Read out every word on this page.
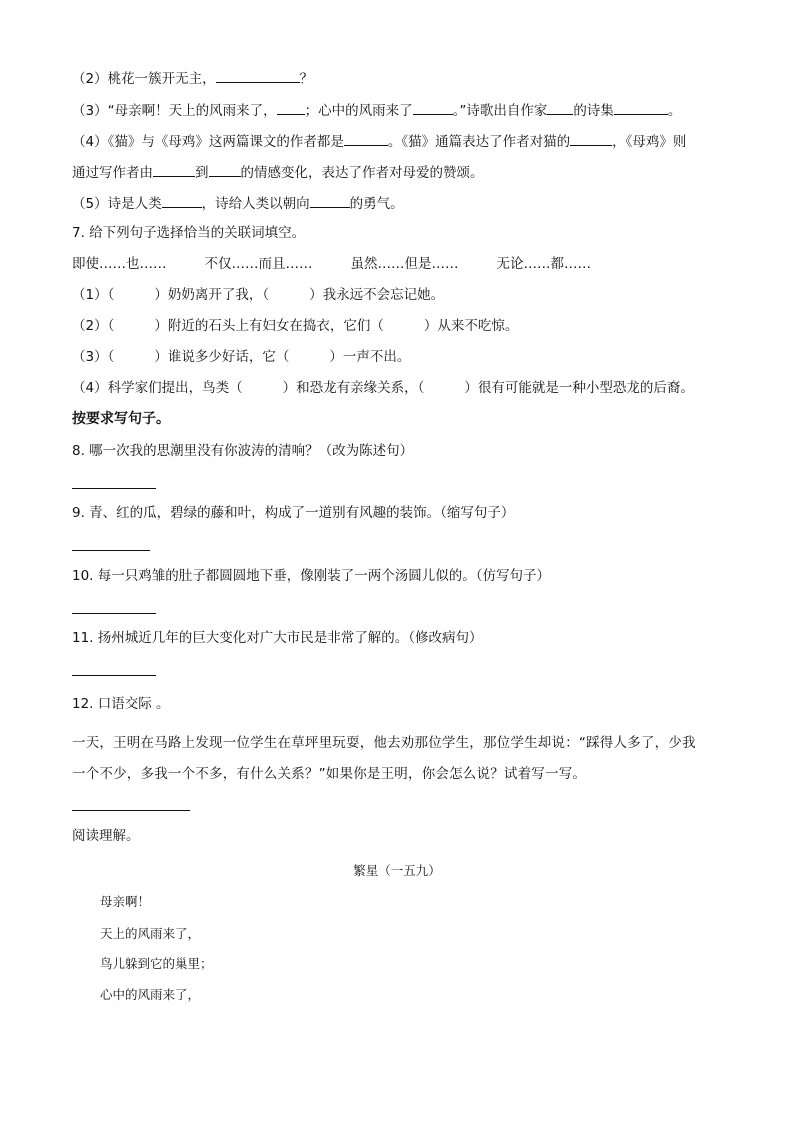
（2）桃花一簇开无主，	？
（3）“母亲啊！天上的风雨来了， ；心中的风雨来了	。”诗歌出自作家 的诗集	。
（4）《猫》与《母鸡》这两篇课文的作者都是	。《猫》通篇表达了作者对猫的	，《母鸡》则
通过写作者由	到 的情感变化，表达了作者对母爱的赞颂。
（5）诗是人类	，诗给人类以朝向	的勇气。
7. 给下列句子选择恰当的关联词填空。
即使……也……	不仅……而且……	虽然……但是……	无论……都……
（1）（	）奶奶离开了我，（	）我永远不会忘记她。
（2）（	）附近的石头上有妇女在捣衣，它们（	）从来不吃惊。
（3）（	）谁说多少好话，它（	）一声不出。
（4）科学家们提出，鸟类（	）和恐龙有亲缘关系，（	）很有可能就是一种小型恐龙的后裔。
按要求写句子。
8. 哪一次我的思潮里没有你波涛的清响？（改为陈述句）
9. 青、红的瓜，碧绿的藤和叶，构成了一道别有风趣的装饰。（缩写句子）
10. 每一只鸡雏的肚子都圆圆地下垂，像刚装了一两个汤圆儿似的。（仿写句子）
11. 扬州城近几年的巨大变化对广大市民是非常了解的。（修改病句）
12. 口语交际 。
一天，王明在马路上发现一位学生在草坪里玩耍，他去劝那位学生，那位学生却说：“踩得人多了，少我
一个不少，多我一个不多，有什么关系？”如果你是王明，你会怎么说？试着写一写。
阅读理解。
繁星（一五九）
母亲啊！
天上的风雨来了，
鸟儿躲到它的巢里；
心中的风雨来了，
